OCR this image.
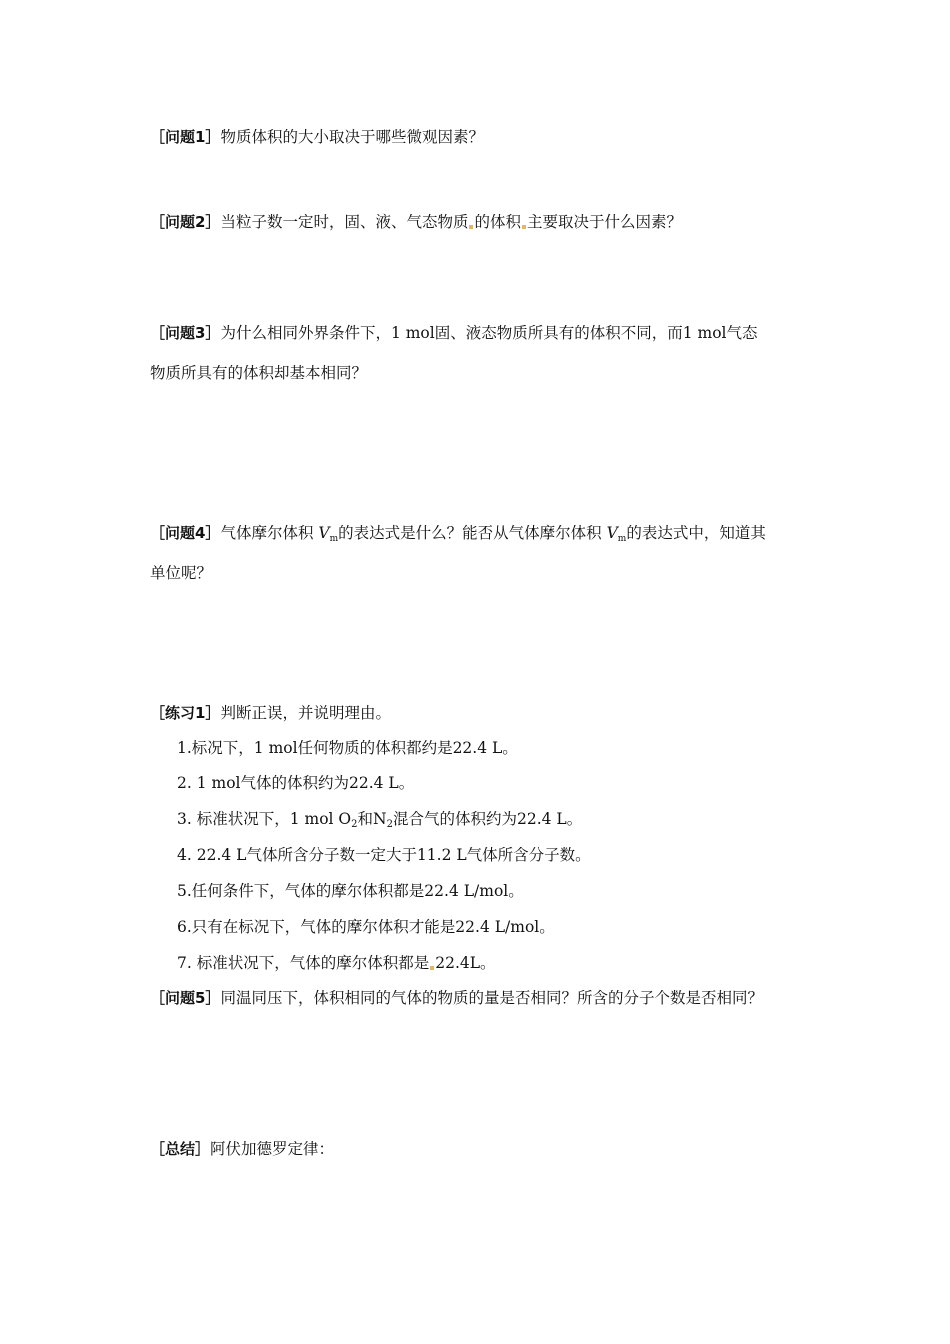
［问题1］物质体积的大小取决于哪些微观因素？
［问题2］当粒子数一定时，固、液、气态物质 的体积 主要取决于什么因素？
［问题3］为什么相同外界条件下，1 mol固、液态物质所具有的体积不同，而1 mol气态
物质所具有的体积却基本相同？
［问题4］气体摩尔体积 $V_m$的表达式是什么？能否从气体摩尔体积 $V_m$的表达式中，知道其
单位呢？
［练习1］判断正误，并说明理由。
1.标况下，1 mol任何物质的体积都约是22.4 L。
2. 1 mol气体的体积约为22.4 L。
3. 标准状况下，1 mol $O_2$和$N_2$混合气的体积约为22.4 L。
4. 22.4 L气体所含分子数一定大于11.2 L气体所含分子数。
5.任何条件下，气体的摩尔体积都是22.4 L/mol。
6.只有在标况下，气体的摩尔体积才能是22.4 L/mol。
7. 标准状况下，气体的摩尔体积都是 22.4L。
［问题5］同温同压下，体积相同的气体的物质的量是否相同？所含的分子个数是否相同？
［总结］阿伏加德罗定律：
